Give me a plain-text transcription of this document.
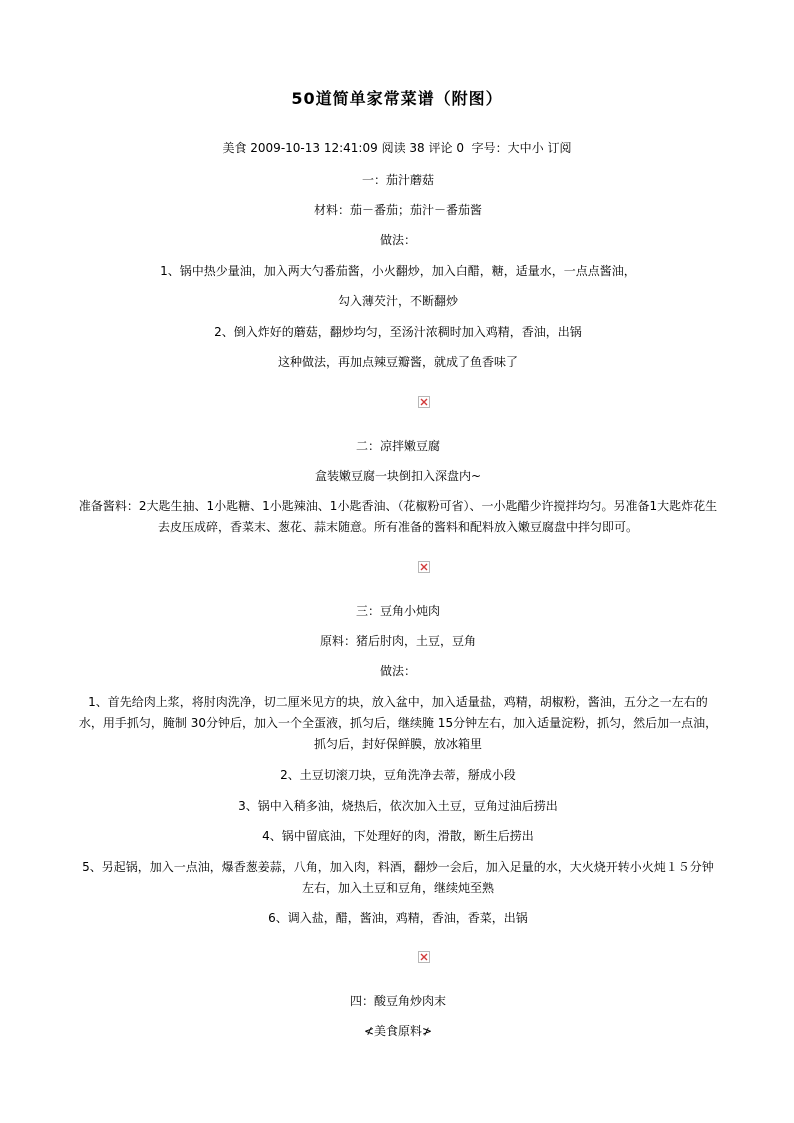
50道简单家常菜谱（附图）
美食 2009-10-13 12:41:09 阅读 38 评论 0 字号：大中小 订阅
一：茄汁蘑菇
材料：茄－番茄；茄汁－番茄酱
做法：
1、锅中热少量油，加入两大勺番茄酱，小火翻炒，加入白醋，糖，适量水，一点点酱油，
勾入薄芡汁，不断翻炒
2、倒入炸好的蘑菇，翻炒均匀，至汤汁浓稠时加入鸡精，香油，出锅
这种做法，再加点辣豆瓣酱，就成了鱼香味了
二：凉拌嫩豆腐
盒装嫩豆腐一块倒扣入深盘内~
准备酱料：2大匙生抽、1小匙糖、1小匙辣油、1小匙香油、（花椒粉可省）、一小匙醋少许搅拌均匀。另准备1大匙炸花生去皮压成碎，香菜末、葱花、蒜末随意。所有准备的酱料和配料放入嫩豆腐盘中拌匀即可。
三：豆角小炖肉
原料：猪后肘肉，土豆，豆角
做法：
1、首先给肉上浆，将肘肉洗净，切二厘米见方的块，放入盆中，加入适量盐，鸡精，胡椒粉，酱油，五分之一左右的水，用手抓匀，腌制 30分钟后，加入一个全蛋液，抓匀后，继续腌 15分钟左右，加入适量淀粉，抓匀，然后加一点油，抓匀后，封好保鲜膜，放冰箱里
2、土豆切滚刀块，豆角洗净去蒂，掰成小段
3、锅中入稍多油，烧热后，依次加入土豆，豆角过油后捞出
4、锅中留底油，下处理好的肉，滑散，断生后捞出
5、另起锅，加入一点油，爆香葱姜蒜，八角，加入肉，料酒，翻炒一会后，加入足量的水，大火烧开转小火炖１５分钟左右，加入土豆和豆角，继续炖至熟
6、调入盐，醋，酱油，鸡精，香油，香菜，出锅
四：酸豆角炒肉末
≮美食原料≯
